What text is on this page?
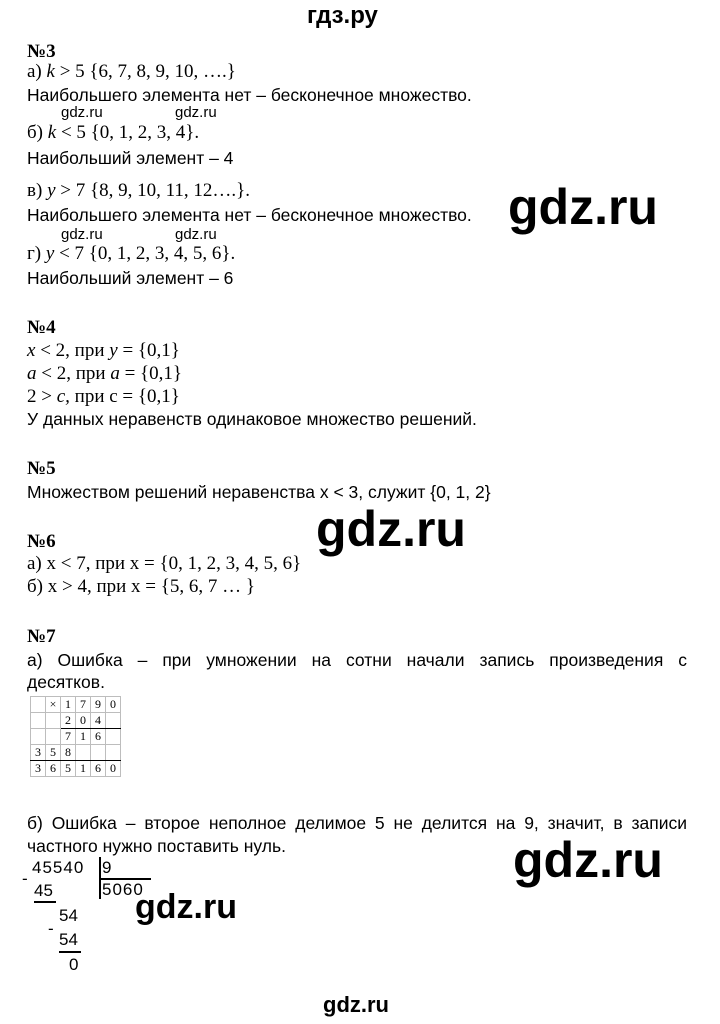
гдз.ру
№3
а) k > 5 {6, 7, 8, 9, 10, ….}
Наибольшего элемента нет – бесконечное множество.
gdz.ru	gdz.ru
б) k < 5 {0, 1, 2, 3, 4}.
Наибольший элемент – 4
в) у > 7 {8, 9, 10, 11, 12….}.
Наибольшего элемента нет – бесконечное множество. gdz.ru
gdz.ru	gdz.ru
г) у < 7 {0, 1, 2, 3, 4, 5, 6}.
Наибольший элемент – 6
№4
х < 2, при у = {0,1}
а < 2, при а = {0,1}
2 > с, при с = {0,1}
У данных неравенств одинаковое множество решений.
№5
Множеством решений неравенства х < 3, служит {0, 1, 2}
№6	gdz.ru
а) х < 7, при х = {0, 1, 2, 3, 4, 5, 6}
б) х > 4, при х = {5, 6, 7 … }
№7
а) Ошибка – при умножении на сотни начали запись произведения с
десятков.
	×	1	7	9	0
		2	0	4	
		7	1	6	
3	5	8			
3	6	5	1	6	0
б) Ошибка – второе неполное делимое 5 не делится на 9, значит, в записи
частного нужно поставить нуль.	gdz.ru
-
45540 9
5060
45
54
-
54
0
gdz.ru
gdz.ru
